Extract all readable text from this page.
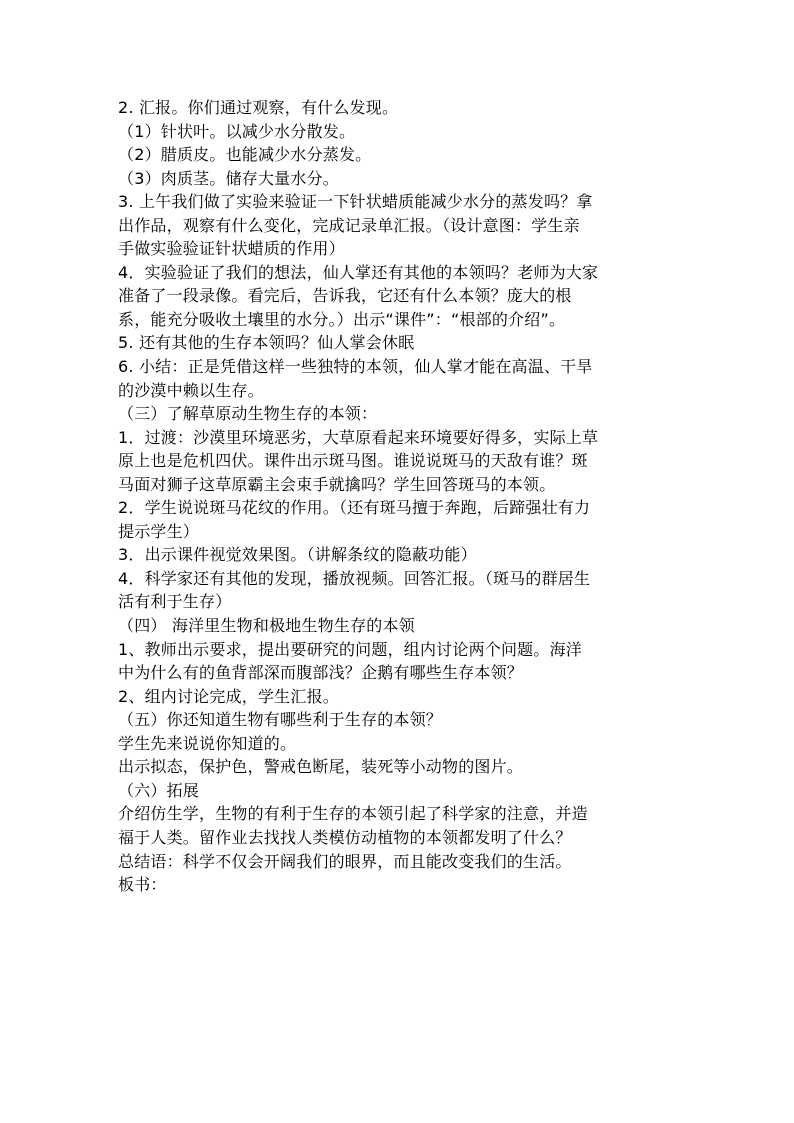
2. 汇报。你们通过观察，有什么发现。
（1）针状叶。以减少水分散发。
（2）腊质皮。也能减少水分蒸发。
（3）肉质茎。储存大量水分。
3. 上午我们做了实验来验证一下针状蜡质能减少水分的蒸发吗？拿
出作品，观察有什么变化，完成记录单汇报。（设计意图：学生亲
手做实验验证针状蜡质的作用）
4．实验验证了我们的想法，仙人掌还有其他的本领吗？老师为大家
准备了一段录像。看完后，告诉我，它还有什么本领？庞大的根
系，能充分吸收土壤里的水分。）出示“课件”：“根部的介绍”。
5. 还有其他的生存本领吗？仙人掌会休眠
6. 小结：正是凭借这样一些独特的本领，仙人掌才能在高温、干旱
的沙漠中赖以生存。
（三）了解草原动生物生存的本领：
1．过渡：沙漠里环境恶劣，大草原看起来环境要好得多，实际上草
原上也是危机四伏。课件出示斑马图。谁说说斑马的天敌有谁？斑
马面对狮子这草原霸主会束手就擒吗？学生回答斑马的本领。
2．学生说说斑马花纹的作用。（还有斑马擅于奔跑，后蹄强壮有力
提示学生）
3．出示课件视觉效果图。（讲解条纹的隐蔽功能）
4．科学家还有其他的发现，播放视频。回答汇报。（斑马的群居生
活有利于生存）
（四） 海洋里生物和极地生物生存的本领
1、教师出示要求，提出要研究的问题，组内讨论两个问题。海洋
中为什么有的鱼背部深而腹部浅？企鹅有哪些生存本领？
2、组内讨论完成，学生汇报。
（五）你还知道生物有哪些利于生存的本领？
学生先来说说你知道的。
出示拟态，保护色，警戒色断尾，装死等小动物的图片。
（六）拓展
介绍仿生学，生物的有利于生存的本领引起了科学家的注意，并造
福于人类。留作业去找找人类模仿动植物的本领都发明了什么？
总结语：科学不仅会开阔我们的眼界，而且能改变我们的生活。
板书：
